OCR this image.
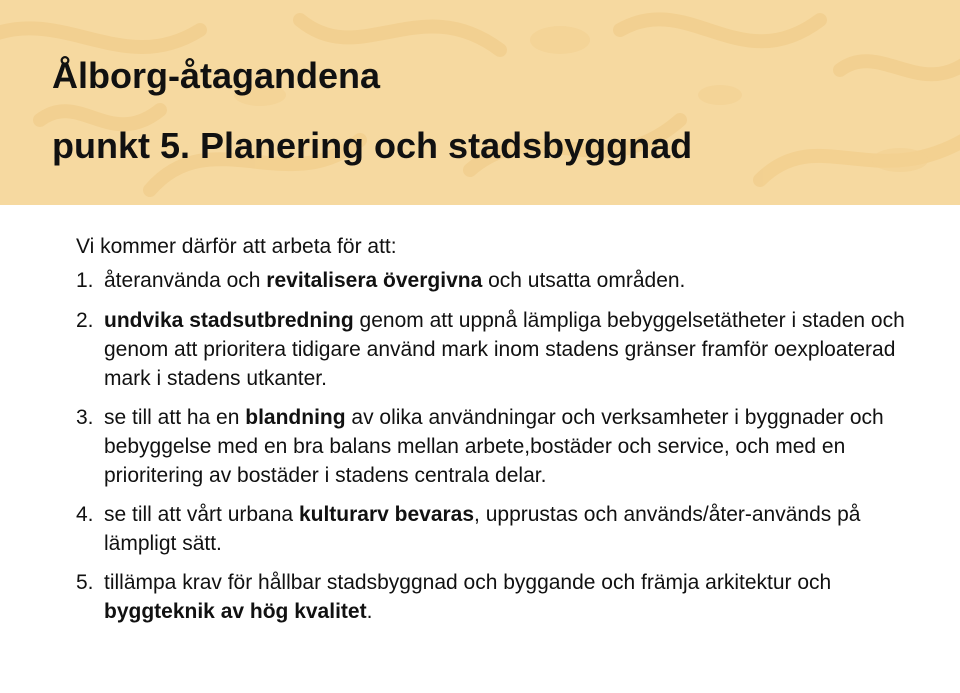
Ålborg-åtagandena
punkt 5. Planering och stadsbyggnad

Vi kommer därför att arbeta för att:

1. återanvända och revitalisera övergivna och utsatta områden.

2. undvika stadsutbredning genom att uppnå lämpliga bebyggelsetätheter i staden och genom att prioritera tidigare använd mark inom stadens gränser framför oexploaterad mark i stadens utkanter.

3. se till att ha en blandning av olika användningar och verksamheter i byggnader och bebyggelse med en bra balans mellan arbete,bostäder och service, och med en prioritering av bostäder i stadens centrala delar.

4. se till att vårt urbana kulturarv bevaras, upprustas och används/åter-används på lämpligt sätt.

5. tillämpa krav för hållbar stadsbyggnad och byggande och främja arkitektur och byggteknik av hög kvalitet.
